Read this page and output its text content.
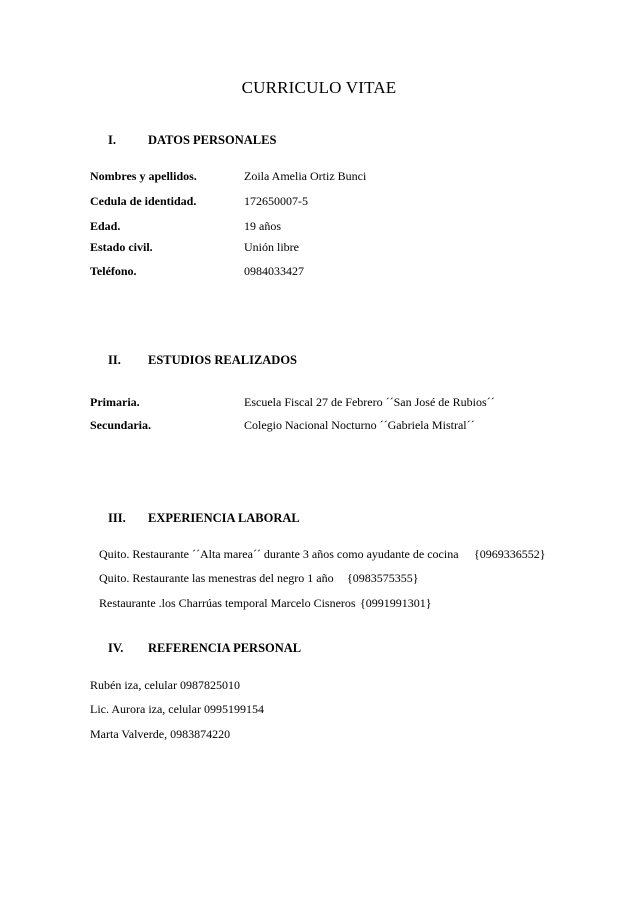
CURRICULO VITAE
I.	DATOS PERSONALES
Nombres y apellidos.	Zoila Amelia Ortiz Bunci
Cedula de identidad.	172650007-5
Edad.	19 años
Estado civil.	Unión libre
Teléfono.	0984033427
II. ESTUDIOS REALIZADOS
Primaria.	Escuela Fiscal 27 de Febrero ´´San José de Rubios´´
Secundaria.	Colegio Nacional Nocturno ´´Gabriela Mistral´´
III. EXPERIENCIA LABORAL
Quito. Restaurante ´´Alta marea´´ durante 3 años como ayudante de cocina {0969336552}
Quito. Restaurante las menestras del negro 1 año {0983575355}
Restaurante .los Charrúas temporal Marcelo Cisneros {0991991301}
IV. REFERENCIA PERSONAL
Rubén iza, celular 0987825010
Lic. Aurora iza, celular 0995199154
Marta Valverde, 0983874220
